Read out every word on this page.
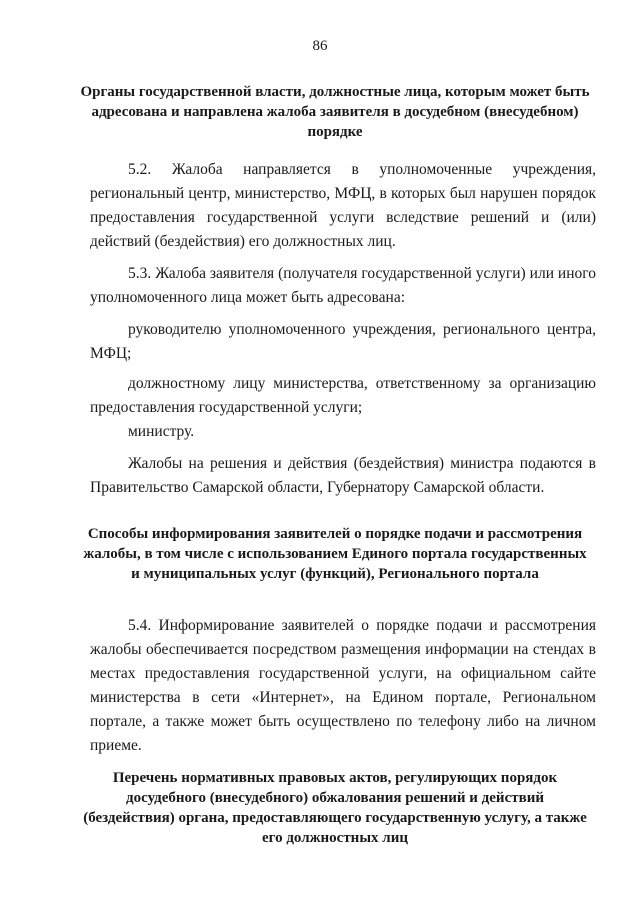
86
Органы государственной власти, должностные лица, которым может быть адресована и направлена жалоба заявителя в досудебном (внесудебном) порядке
5.2. Жалоба направляется в уполномоченные учреждения, региональный центр, министерство, МФЦ, в которых был нарушен порядок предоставления государственной услуги вследствие решений и (или) действий (бездействия) его должностных лиц.
5.3. Жалоба заявителя (получателя государственной услуги) или иного уполномоченного лица может быть адресована:
руководителю уполномоченного учреждения, регионального центра, МФЦ;
должностному лицу министерства, ответственному за организацию предоставления государственной услуги;
министру.
Жалобы на решения и действия (бездействия) министра подаются в Правительство Самарской области, Губернатору Самарской области.
Способы информирования заявителей о порядке подачи и рассмотрения жалобы, в том числе с использованием Единого портала государственных и муниципальных услуг (функций), Регионального портала
5.4. Информирование заявителей о порядке подачи и рассмотрения жалобы обеспечивается посредством размещения информации на стендах в местах предоставления государственной услуги, на официальном сайте министерства в сети «Интернет», на Едином портале, Региональном портале, а также может быть осуществлено по телефону либо на личном приеме.
Перечень нормативных правовых актов, регулирующих порядок досудебного (внесудебного) обжалования решений и действий (бездействия) органа, предоставляющего государственную услугу, а также его должностных лиц
